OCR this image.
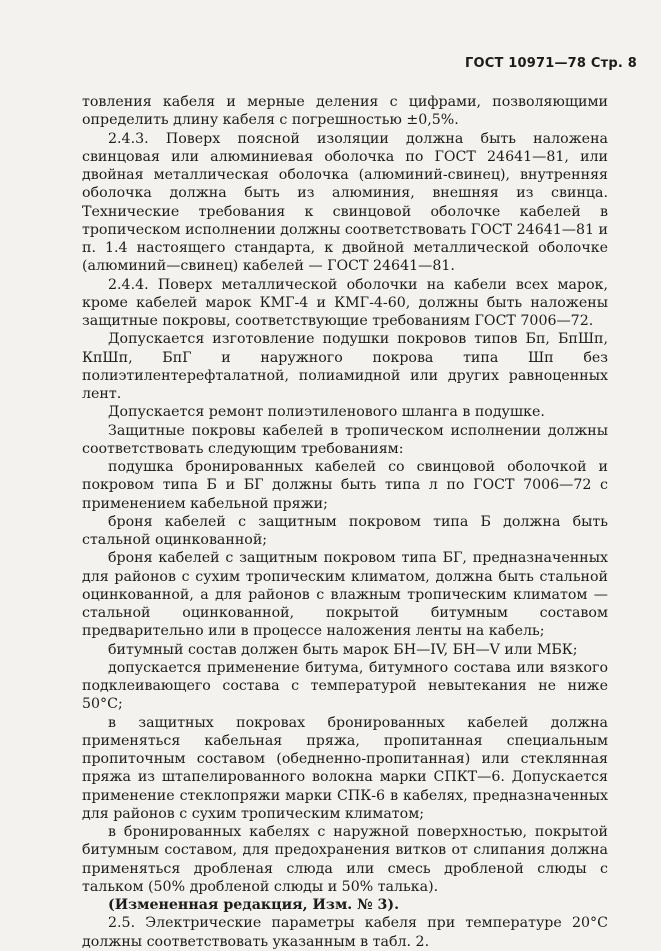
ГОСТ 10971—78 Стр. 8

товления кабеля и мерные деления с цифрами, позволяющими определить длину кабеля с погрешностью ±0,5%.

2.4.3. Поверх поясной изоляции должна быть наложена свинцовая или алюминиевая оболочка по ГОСТ 24641—81, или двойная металлическая оболочка (алюминий-свинец), внутренняя оболочка должна быть из алюминия, внешняя из свинца. Технические требования к свинцовой оболочке кабелей в тропическом исполнении должны соответствовать ГОСТ 24641—81 и п. 1.4 настоящего стандарта, к двойной металлической оболочке (алюминий—свинец) кабелей — ГОСТ 24641—81.

2.4.4. Поверх металлической оболочки на кабели всех марок, кроме кабелей марок КМГ-4 и КМГ-4-60, должны быть наложены защитные покровы, соответствующие требованиям ГОСТ 7006—72.

Допускается изготовление подушки покровов типов Бп, БпШп, КпШп, БпГ и наружного покрова типа Шп без полиэтилентерефталатной, полиамидной или других равноценных лент.

Допускается ремонт полиэтиленового шланга в подушке.

Защитные покровы кабелей в тропическом исполнении должны соответствовать следующим требованиям:

подушка бронированных кабелей со свинцовой оболочкой и покровом типа Б и БГ должны быть типа л по ГОСТ 7006—72 с применением кабельной пряжи;

броня кабелей с защитным покровом типа Б должна быть стальной оцинкованной;

броня кабелей с защитным покровом типа БГ, предназначенных для районов с сухим тропическим климатом, должна быть стальной оцинкованной, а для районов с влажным тропическим климатом — стальной оцинкованной, покрытой битумным составом предварительно или в процессе наложения ленты на кабель;

битумный состав должен быть марок БН—IV, БН—V или МБК;

допускается применение битума, битумного состава или вязкого подклеивающего состава с температурой невытекания не ниже 50°С;

в защитных покровах бронированных кабелей должна применяться кабельная пряжа, пропитанная специальным пропиточным составом (обедненно-пропитанная) или стеклянная пряжа из штапелированного волокна марки СПКТ—6. Допускается применение стеклопряжи марки СПК-6 в кабелях, предназначенных для районов с сухим тропическим климатом;

в бронированных кабелях с наружной поверхностью, покрытой битумным составом, для предохранения витков от слипания должна применяться дробленая слюда или смесь дробленой слюды с тальком (50% дробленой слюды и 50% талька).

(Измененная редакция, Изм. № 3).

2.5. Электрические параметры кабеля при температуре 20°С должны соответствовать указанным в табл. 2.
